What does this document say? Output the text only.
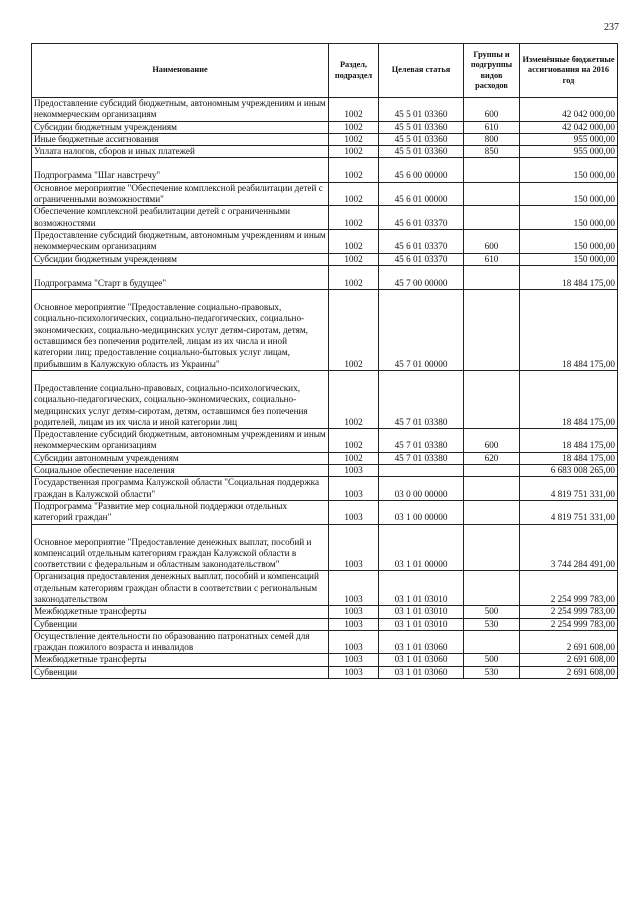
237
Наименование	Раздел, подраздел	Целевая статья	Группы и подгруппы видов расходов	Изменённые бюджетные ассигнования на 2016 год
Предоставление субсидий бюджетным, автономным учреждениям и иным некоммерческим организациям	1002	45 5 01 03360	600	42 042 000,00
Субсидии бюджетным учреждениям	1002	45 5 01 03360	610	42 042 000,00
Иные бюджетные ассигнования	1002	45 5 01 03360	800	955 000,00
Уплата налогов, сборов и иных платежей	1002	45 5 01 03360	850	955 000,00
Подпрограмма "Шаг навстречу"	1002	45 6 00 00000		150 000,00
Основное мероприятие "Обеспечение комплексной реабилитации детей с ограниченными возможностями"	1002	45 6 01 00000		150 000,00
Обеспечение комплексной реабилитации детей с ограниченными возможностями	1002	45 6 01 03370		150 000,00
Предоставление субсидий бюджетным, автономным учреждениям и иным некоммерческим организациям	1002	45 6 01 03370	600	150 000,00
Субсидии бюджетным учреждениям	1002	45 6 01 03370	610	150 000,00
Подпрограмма "Старт в будущее"	1002	45 7 00 00000		18 484 175,00
Основное мероприятие "Предоставление социально-правовых, социально-психологических, социально-педагогических, социально-экономических, социально-медицинских услуг детям-сиротам, детям, оставшимся без попечения родителей, лицам из их числа и иной категории лиц; предоставление социально-бытовых услуг лицам, прибывшим в Калужскую область из Украины"	1002	45 7 01 00000		18 484 175,00
Предоставление социально-правовых, социально-психологических, социально-педагогических, социально-экономических, социально-медицинских услуг детям-сиротам, детям, оставшимся без попечения родителей, лицам из их числа и иной категории лиц	1002	45 7 01 03380		18 484 175,00
Предоставление субсидий бюджетным, автономным учреждениям и иным некоммерческим организациям	1002	45 7 01 03380	600	18 484 175,00
Субсидии автономным учреждениям	1002	45 7 01 03380	620	18 484 175,00
Социальное обеспечение населения	1003			6 683 008 265,00
Государственная программа Калужской области "Социальная поддержка граждан в Калужской области"	1003	03 0 00 00000		4 819 751 331,00
Подпрограмма "Развитие мер социальной поддержки отдельных категорий граждан"	1003	03 1 00 00000		4 819 751 331,00
Основное мероприятие "Предоставление денежных выплат, пособий и компенсаций отдельным категориям граждан Калужской области в соответствии с федеральным и областным законодательством"	1003	03 1 01 00000		3 744 284 491,00
Организация предоставления денежных выплат, пособий и компенсаций отдельным категориям граждан области в соответствии с региональным законодательством	1003	03 1 01 03010		2 254 999 783,00
Межбюджетные трансферты	1003	03 1 01 03010	500	2 254 999 783,00
Субвенции	1003	03 1 01 03010	530	2 254 999 783,00
Осуществление деятельности по образованию патронатных семей для граждан пожилого возраста и инвалидов	1003	03 1 01 03060		2 691 608,00
Межбюджетные трансферты	1003	03 1 01 03060	500	2 691 608,00
Субвенции	1003	03 1 01 03060	530	2 691 608,00
